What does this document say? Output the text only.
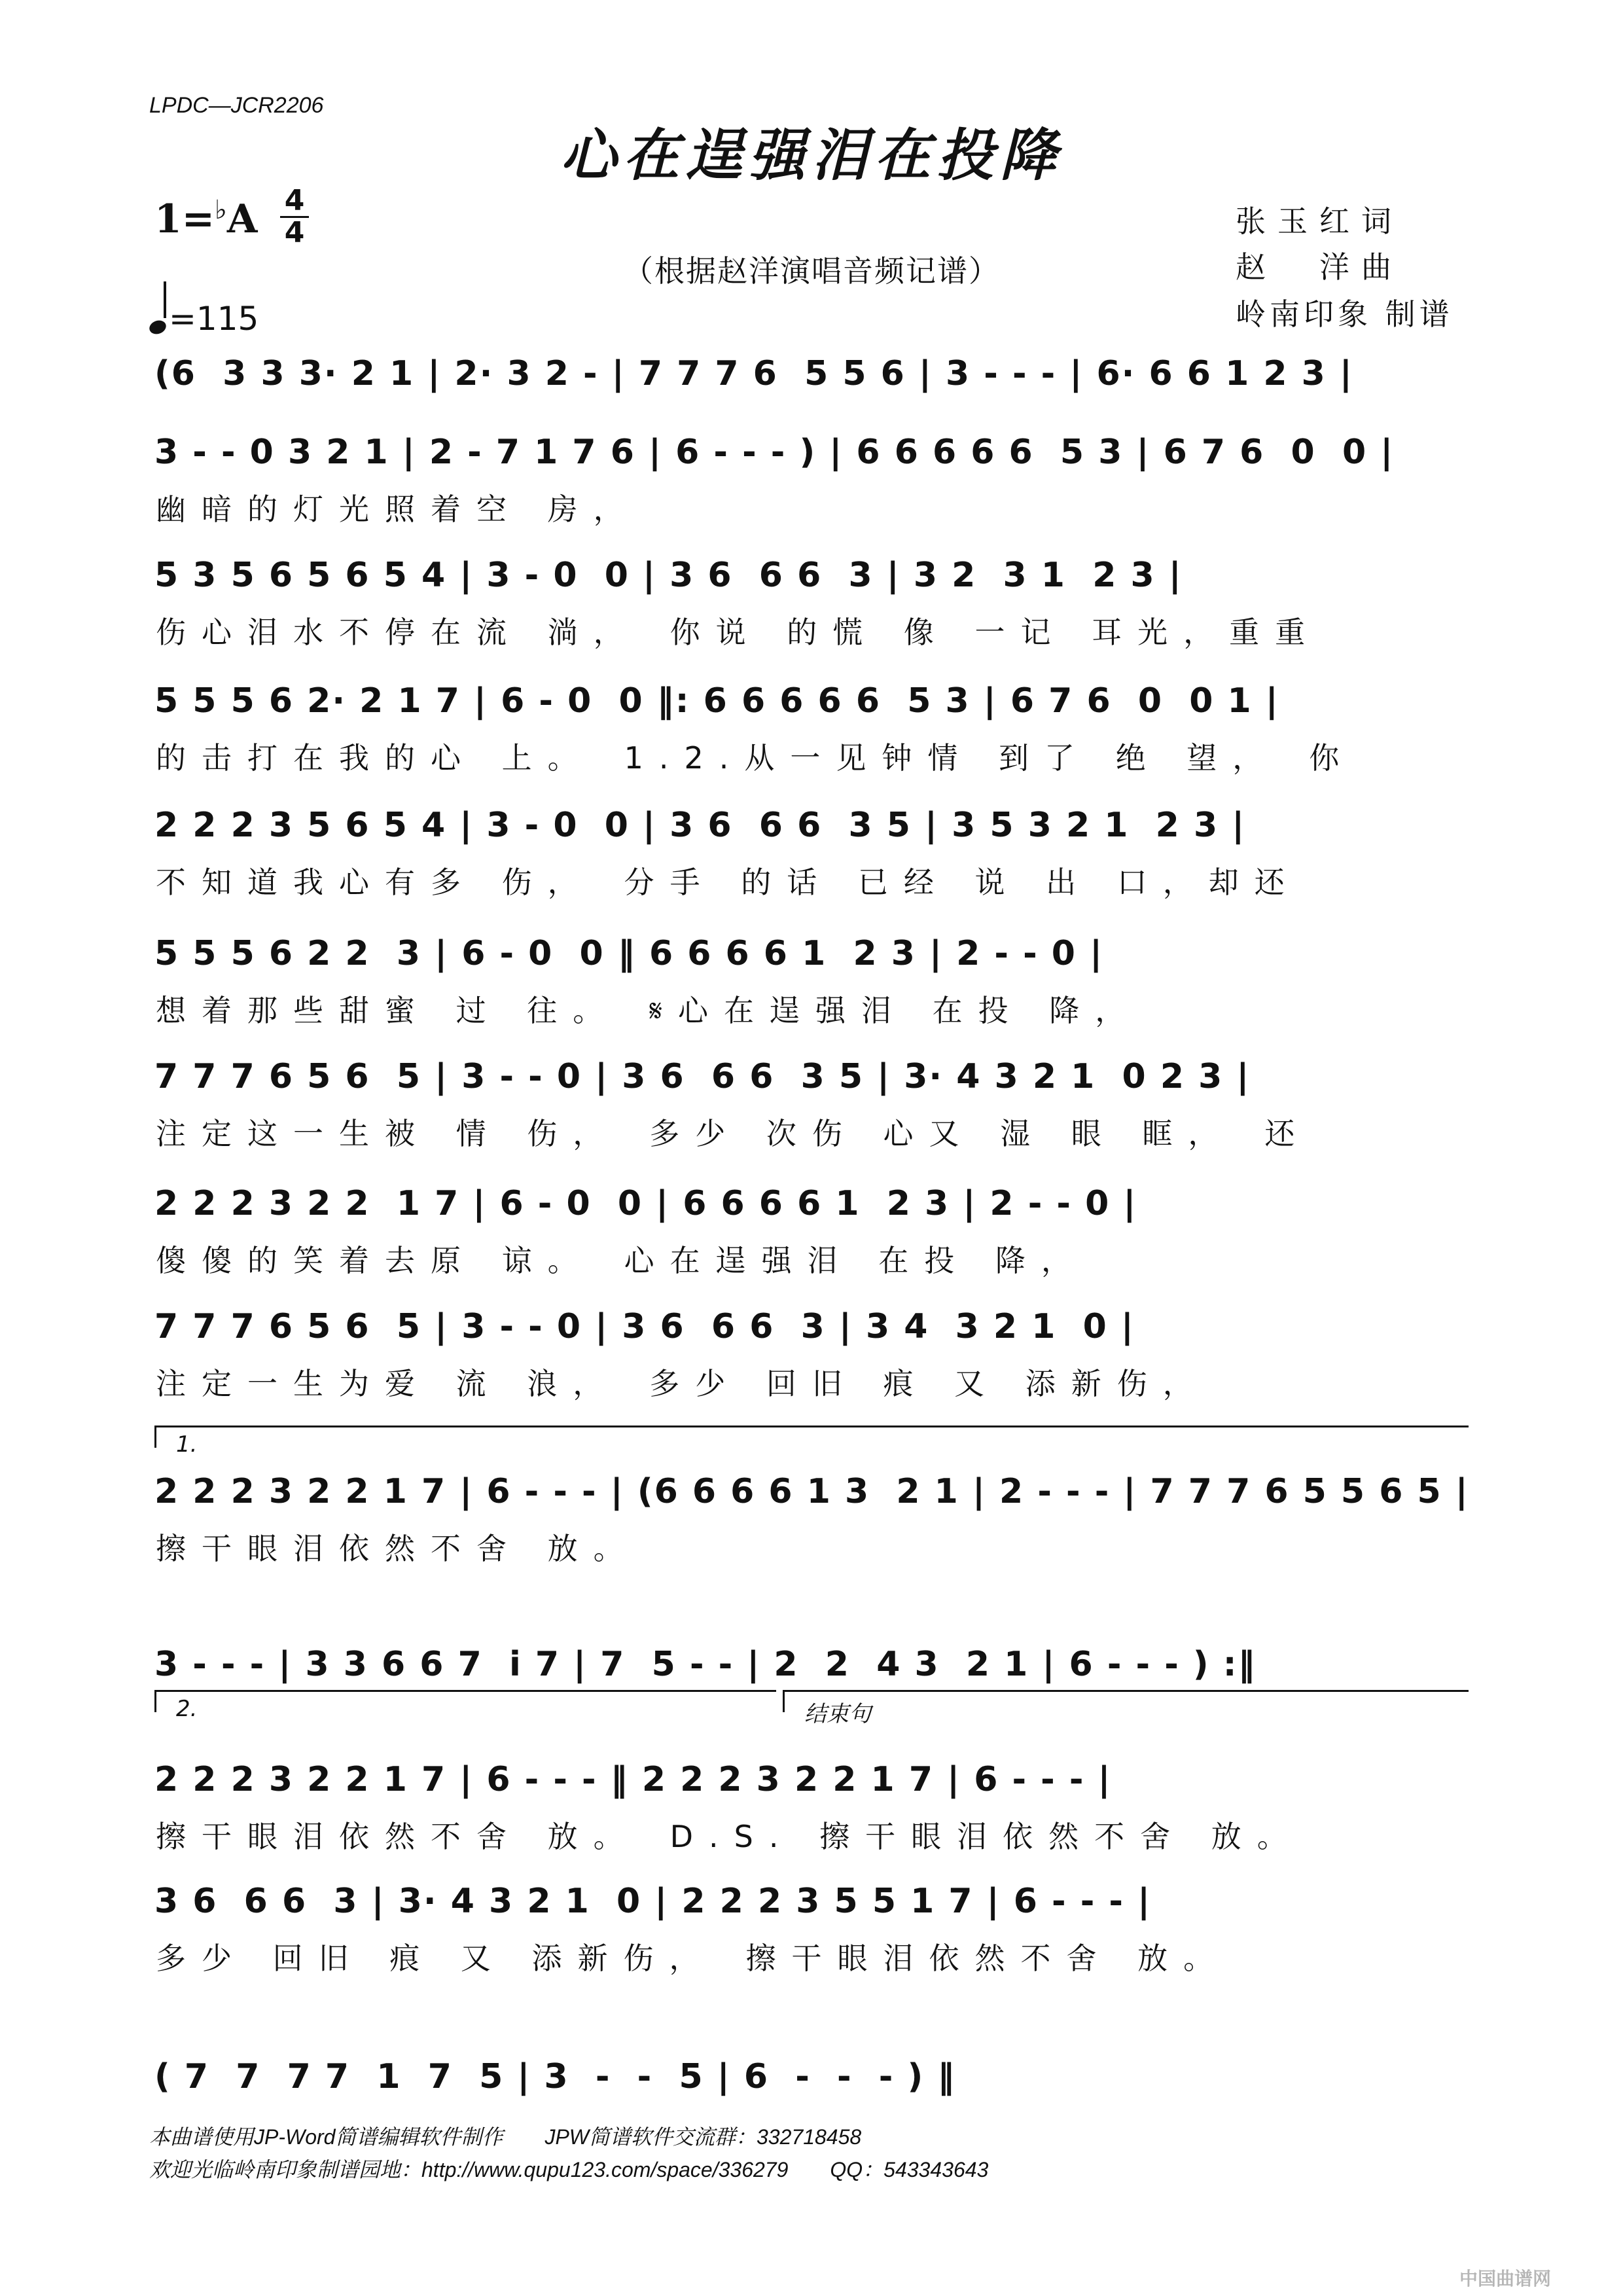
LPDC—JCR2206
心在逞强泪在投降
1=♭A 4
4
（根据赵洋演唱音频记谱）
=115
张玉红词
赵　洋曲
岭南印象 制谱
(6  3 3 3· 2 1 | 2· 3 2 - | 7 7 7 6  5 5 6 | 3 - - - | 6· 6 6 1 2 3 |
3 - - 0 3 2 1 | 2 - 7 1 7 6 | 6 - - - ) | 6 6 6 6 6  5 3 | 6 7 6  0  0 |
幽暗的灯光照着空 房，
5 3 5 6 5 6 5 4 | 3 - 0  0 | 3 6  6 6  3 | 3 2  3 1  2 3 |
伤心泪水不停在流 淌，　你说 的慌 像 一记 耳光，重重
5 5 5 6 2· 2 1 7 | 6 - 0  0 ‖: 6 6 6 6 6  5 3 | 6 7 6  0  0 1 |
的击打在我的心 上。　1.2.从一见钟情 到了 绝 望，　你
2 2 2 3 5 6 5 4 | 3 - 0  0 | 3 6  6 6  3 5 | 3 5 3 2 1  2 3 |
不知道我心有多 伤，　分手 的话 已经 说 出 口，却还
5 5 5 6 2 2  3 | 6 - 0  0 ‖ 6 6 6 6 1  2 3 | 2 - - 0 |
想着那些甜蜜 过 往。　𝄋心在逞强泪 在投 降，
7 7 7 6 5 6  5 | 3 - - 0 | 3 6  6 6  3 5 | 3· 4 3 2 1  0 2 3 |
注定这一生被 情 伤，　多少 次伤 心又 湿 眼 眶，　还
2 2 2 3 2 2  1 7 | 6 - 0  0 | 6 6 6 6 1  2 3 | 2 - - 0 |
傻傻的笑着去原 谅。　心在逞强泪 在投 降，
7 7 7 6 5 6  5 | 3 - - 0 | 3 6  6 6  3 | 3 4  3 2 1  0 |
注定一生为爱 流 浪，　多少 回旧 痕 又 添新伤，
2 2 2 3 2 2 1 7 | 6 - - - | (6 6 6 6 1 3  2 1 | 2 - - - | 7 7 7 6 5 5 6 5 |
擦干眼泪依然不舍 放。
3 - - - | 3 3 6 6 7  i 7 | 7  5 - - | 2  2  4 3  2 1 | 6 - - - ) :‖
2 2 2 3 2 2 1 7 | 6 - - - ‖ 2 2 2 3 2 2 1 7 | 6 - - - |
擦干眼泪依然不舍 放。　D.S. 擦干眼泪依然不舍 放。
3 6  6 6  3 | 3· 4 3 2 1  0 | 2 2 2 3 5 5 1 7 | 6 - - - |
多少 回旧 痕 又 添新伤，　擦干眼泪依然不舍 放。
( 7  7  7 7  1  7  5 | 3  -  -  5 | 6  -  -  - ) ‖
1.
2.	结束句
本曲谱使用JP-Word简谱编辑软件制作　　JPW简谱软件交流群：332718458
欢迎光临岭南印象制谱园地：http://www.qupu123.com/space/336279　　QQ：543343643
中国曲谱网
